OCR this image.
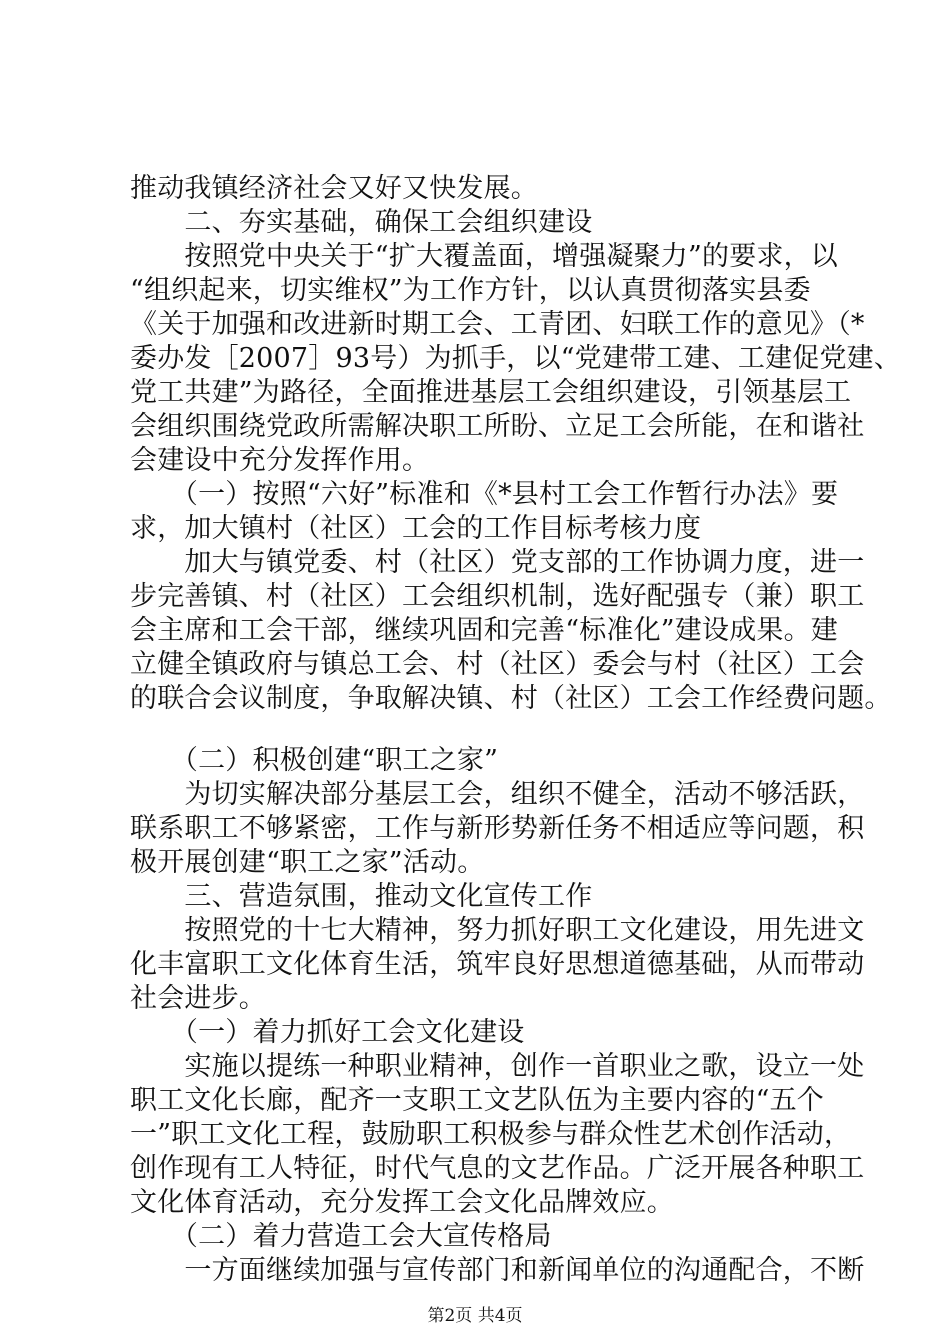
推动我镇经济社会又好又快发展。
　　二、夯实基础，确保工会组织建设
　　按照党中央关于“扩大覆盖面，增强凝聚力”的要求，以
“组织起来，切实维权”为工作方针，以认真贯彻落实县委
《关于加强和改进新时期工会、工青团、妇联工作的意见》（*
委办发［2007］93号）为抓手，以“党建带工建、工建促党建、
党工共建”为路径，全面推进基层工会组织建设，引领基层工
会组织围绕党政所需解决职工所盼、立足工会所能，在和谐社
会建设中充分发挥作用。
　　（一）按照“六好”标准和《*县村工会工作暂行办法》要
求，加大镇村（社区）工会的工作目标考核力度
　　加大与镇党委、村（社区）党支部的工作协调力度，进一
步完善镇、村（社区）工会组织机制，选好配强专（兼）职工
会主席和工会干部，继续巩固和完善“标准化”建设成果。建
立健全镇政府与镇总工会、村（社区）委会与村（社区）工会
的联合会议制度，争取解决镇、村（社区）工会工作经费问题。
　　（二）积极创建“职工之家”
　　为切实解决部分基层工会，组织不健全，活动不够活跃，
联系职工不够紧密，工作与新形势新任务不相适应等问题，积
极开展创建“职工之家”活动。
　　三、营造氛围，推动文化宣传工作
　　按照党的十七大精神，努力抓好职工文化建设，用先进文
化丰富职工文化体育生活，筑牢良好思想道德基础，从而带动
社会进步。
　　（一）着力抓好工会文化建设
　　实施以提练一种职业精神，创作一首职业之歌，设立一处
职工文化长廊，配齐一支职工文艺队伍为主要内容的“五个
一”职工文化工程，鼓励职工积极参与群众性艺术创作活动，
创作现有工人特征，时代气息的文艺作品。广泛开展各种职工
文化体育活动，充分发挥工会文化品牌效应。
　　（二）着力营造工会大宣传格局
　　一方面继续加强与宣传部门和新闻单位的沟通配合，不断
第2页 共4页
